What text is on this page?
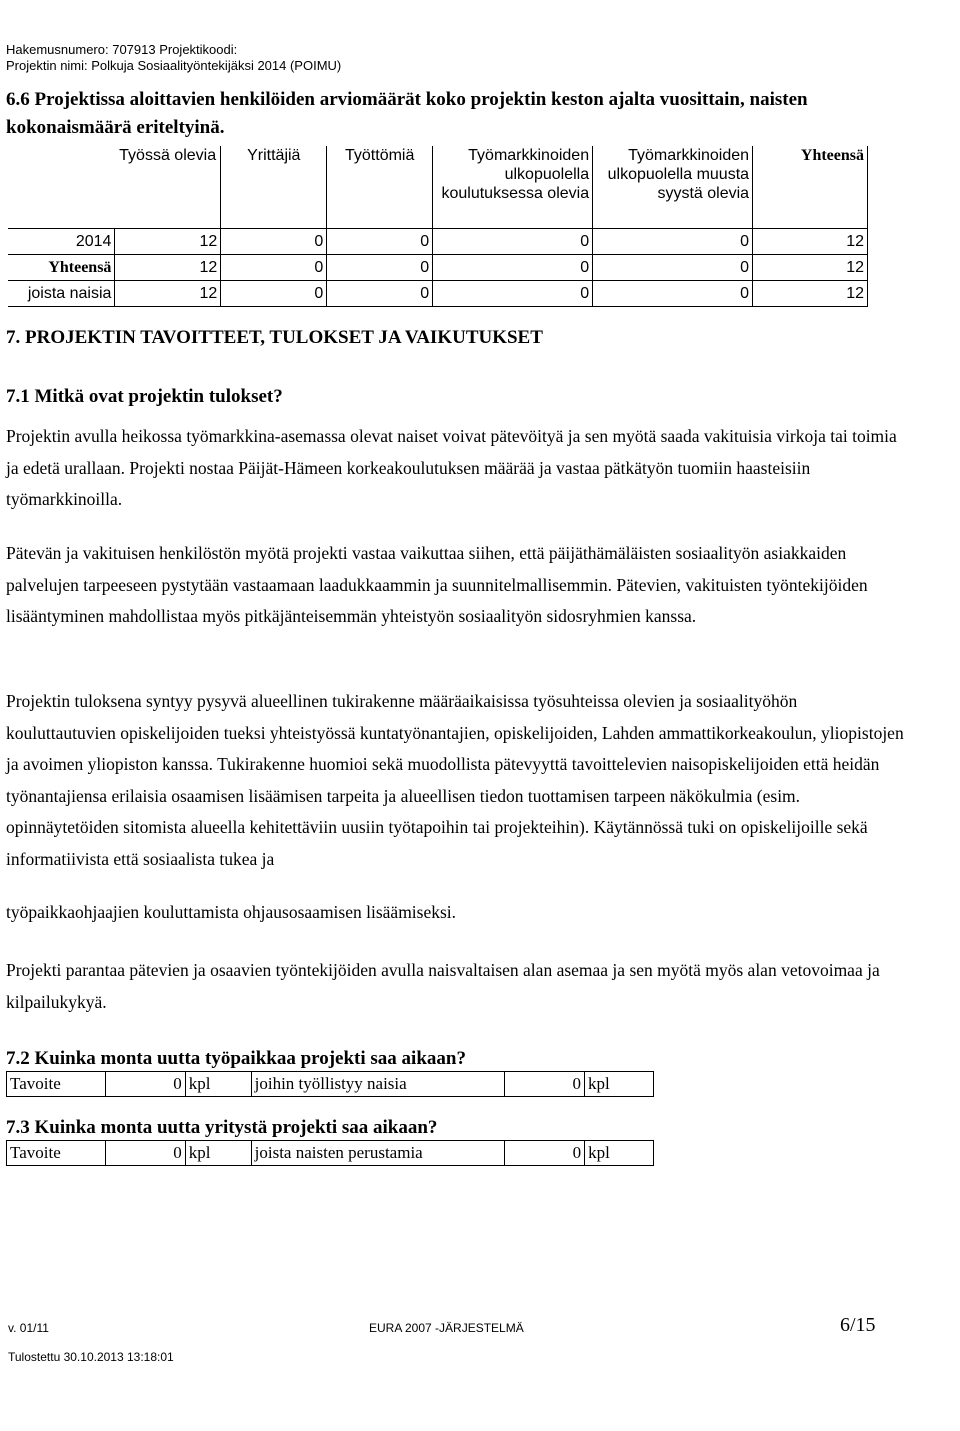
Hakemusnumero: 707913 Projektikoodi:
Projektin nimi: Polkuja Sosiaalityöntekijäksi 2014 (POIMU)
6.6 Projektissa aloittavien henkilöiden arviomäärät koko projektin keston ajalta vuosittain, naisten
kokonaismäärä eriteltyinä.
	Työssä olevia	Yrittäjiä	Työttömiä	Työmarkkinoiden ulkopuolella koulutuksessa olevia	Työmarkkinoiden ulkopuolella muusta syystä olevia	Yhteensä
2014	12	0	0	0	0	12
Yhteensä	12	0	0	0	0	12
joista naisia	12	0	0	0	0	12
7. PROJEKTIN TAVOITTEET, TULOKSET JA VAIKUTUKSET
7.1 Mitkä ovat projektin tulokset?

Projektin avulla heikossa työmarkkina-asemassa olevat naiset voivat pätevöityä ja sen myötä saada vakituisia virkoja tai toimia ja edetä urallaan. Projekti nostaa Päijät-Hämeen korkeakoulutuksen määrää ja vastaa pätkätyön tuomiin haasteisiin työmarkkinoilla.

Pätevän ja vakituisen henkilöstön myötä projekti vastaa vaikuttaa siihen, että päijäthämäläisten sosiaalityön asiakkaiden palvelujen tarpeeseen pystytään vastaamaan laadukkaammin ja suunnitelmallisemmin. Pätevien, vakituisten työntekijöiden lisääntyminen mahdollistaa myös pitkäjänteisemmän yhteistyön sosiaalityön sidosryhmien kanssa.

Projektin tuloksena syntyy pysyvä alueellinen tukirakenne määräaikaisissa työsuhteissa olevien ja sosiaalityöhön kouluttautuvien opiskelijoiden tueksi yhteistyössä kuntatyönantajien, opiskelijoiden, Lahden ammattikorkeakoulun, yliopistojen ja avoimen yliopiston kanssa. Tukirakenne huomioi sekä muodollista pätevyyttä tavoittelevien naisopiskelijoiden että heidän työnantajiensa erilaisia osaamisen lisäämisen tarpeita ja alueellisen tiedon tuottamisen tarpeen näkökulmia (esim. opinnäytetöiden sitomista alueella kehitettäviin uusiin työtapoihin tai projekteihin). Käytännössä tuki on opiskelijoille sekä informatiivista että sosiaalista tukea ja

työpaikkaohjaajien kouluttamista ohjausosaamisen lisäämiseksi.

Projekti parantaa pätevien ja osaavien työntekijöiden avulla naisvaltaisen alan asemaa ja sen myötä myös alan vetovoimaa ja kilpailukykyä.

7.2 Kuinka monta uutta työpaikkaa projekti saa aikaan?
Tavoite	0	kpl	joihin työllistyy naisia	0	kpl
7.3 Kuinka monta uutta yritystä projekti saa aikaan?
Tavoite	0	kpl	joista naisten perustamia	0	kpl
v. 01/11	EURA 2007 -JÄRJESTELMÄ	6/15
Tulostettu 30.10.2013 13:18:01
